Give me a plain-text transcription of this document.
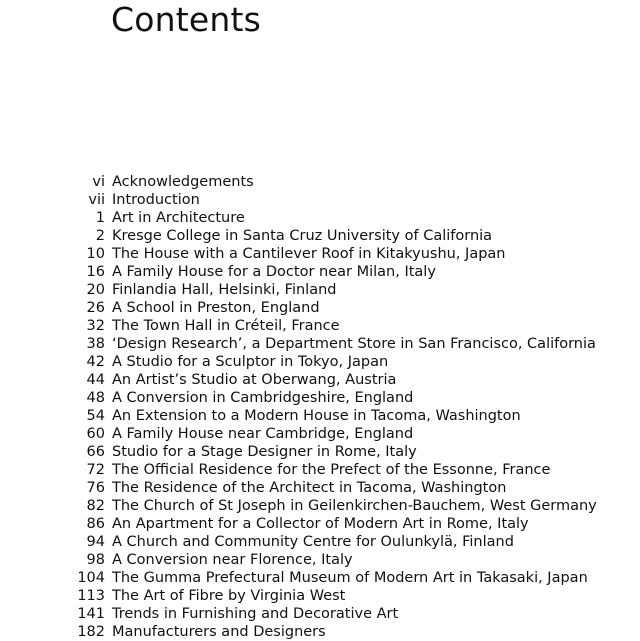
Contents
vi Acknowledgements
vii Introduction
1 Art in Architecture
2 Kresge College in Santa Cruz University of California
10 The House with a Cantilever Roof in Kitakyushu, Japan
16 A Family House for a Doctor near Milan, Italy
20 Finlandia Hall, Helsinki, Finland
26 A School in Preston, England
32 The Town Hall in Créteil, France
38 ‘Design Research’, a Department Store in San Francisco, California
42 A Studio for a Sculptor in Tokyo, Japan
44 An Artist’s Studio at Oberwang, Austria
48 A Conversion in Cambridgeshire, England
54 An Extension to a Modern House in Tacoma, Washington
60 A Family House near Cambridge, England
66 Studio for a Stage Designer in Rome, Italy
72 The Official Residence for the Prefect of the Essonne, France
76 The Residence of the Architect in Tacoma, Washington
82 The Church of St Joseph in Geilenkirchen-Bauchem, West Germany
86 An Apartment for a Collector of Modern Art in Rome, Italy
94 A Church and Community Centre for Oulunkylä, Finland
98 A Conversion near Florence, Italy
104 The Gumma Prefectural Museum of Modern Art in Takasaki, Japan
113 The Art of Fibre by Virginia West
141 Trends in Furnishing and Decorative Art
182 Manufacturers and Designers
